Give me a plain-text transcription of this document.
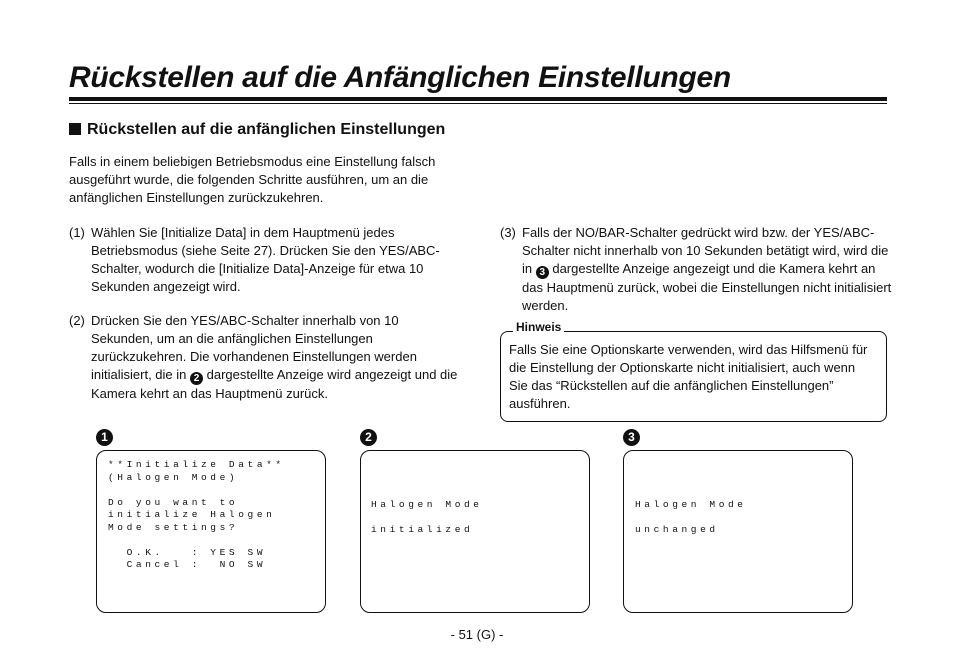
Rückstellen auf die Anfänglichen Einstellungen
Rückstellen auf die anfänglichen Einstellungen

Falls in einem beliebigen Betriebsmodus eine Einstellung falsch ausgeführt wurde, die folgenden Schritte ausführen, um an die anfänglichen Einstellungen zurückzukehren.

(1) Wählen Sie [Initialize Data] in dem Hauptmenü jedes Betriebsmodus (siehe Seite 27). Drücken Sie den YES/ABC-Schalter, wodurch die [Initialize Data]-Anzeige für etwa 10 Sekunden angezeigt wird.

(2) Drücken Sie den YES/ABC-Schalter innerhalb von 10 Sekunden, um an die anfänglichen Einstellungen zurückzukehren. Die vorhandenen Einstellungen werden initialisiert, die in 2 dargestellte Anzeige wird angezeigt und die Kamera kehrt an das Hauptmenü zurück.

(3) Falls der NO/BAR-Schalter gedrückt wird bzw. der YES/ABC-Schalter nicht innerhalb von 10 Sekunden betätigt wird, wird die in 3 dargestellte Anzeige angezeigt und die Kamera kehrt an das Hauptmenü zurück, wobei die Einstellungen nicht initialisiert werden.

Hinweis

Falls Sie eine Optionskarte verwenden, wird das Hilfsmenü für die Einstellung der Optionskarte nicht initialisiert, auch wenn Sie das “Rückstellen auf die anfänglichen Einstellungen” ausführen.

1	2	3
**Initialize Data**
(Halogen Mode)

Do you want to
initialize Halogen
Mode settings?

O.K.   : YES SW
Cancel :  NO SW
Halogen Mode

initialized
Halogen Mode

unchanged
- 51 (G) -
